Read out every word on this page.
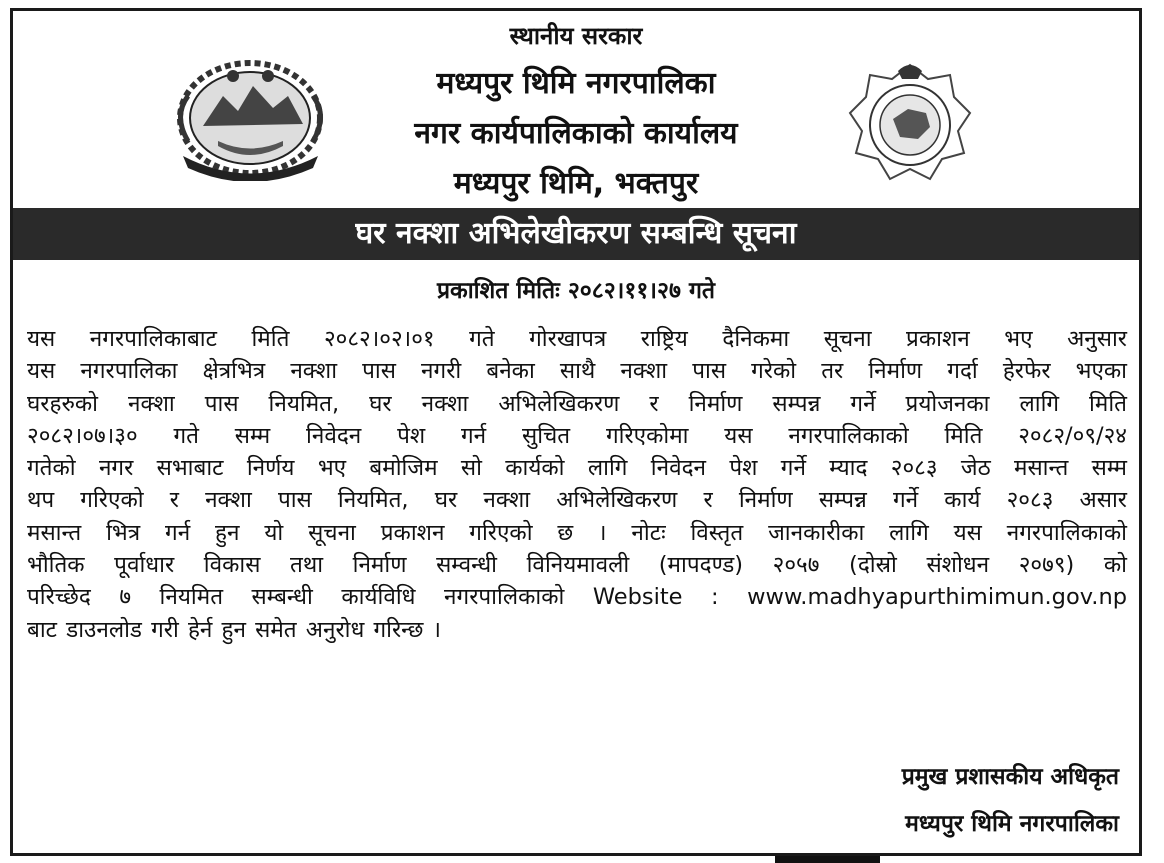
स्थानीय सरकार
मध्यपुर थिमि नगरपालिका
नगर कार्यपालिकाको कार्यालय
मध्यपुर थिमि, भक्तपुर
घर नक्शा अभिलेखीकरण सम्बन्धि सूचना
प्रकाशित मितिः २०८२।११।२७ गते
यस नगरपालिकाबाट मिति २०८२।०२।०१ गते गोरखापत्र राष्ट्रिय दैनिकमा सूचना प्रकाशन भए अनुसार
यस नगरपालिका क्षेत्रभित्र नक्शा पास नगरी बनेका साथै नक्शा पास गरेको तर निर्माण गर्दा हेरफेर भएका
घरहरुको नक्शा पास नियमित, घर नक्शा अभिलेखिकरण र निर्माण सम्पन्न गर्ने प्रयोजनका लागि मिति
२०८२।०७।३० गते सम्म निवेदन पेश गर्न सुचित गरिएकोमा यस नगरपालिकाको मिति २०८२/०९/२४
गतेको नगर सभाबाट निर्णय भए बमोजिम सो कार्यको लागि निवेदन पेश गर्ने म्याद २०८३ जेठ मसान्त सम्म
थप गरिएको र नक्शा पास नियमित, घर नक्शा अभिलेखिकरण र निर्माण सम्पन्न गर्ने कार्य २०८३ असार
मसान्त भित्र गर्न हुन यो सूचना प्रकाशन गरिएको छ । नोटः विस्तृत जानकारीका लागि यस नगरपालिकाको
भौतिक पूर्वाधार विकास तथा निर्माण सम्वन्धी विनियमावली (मापदण्ड) २०५७ (दोस्रो संशोधन २०७९) को
परिच्छेद ७ नियमित सम्बन्धी कार्यविधि नगरपालिकाको Website : www.madhyapurthimimun.gov.np
बाट डाउनलोड गरी हेर्न हुन समेत अनुरोध गरिन्छ ।
प्रमुख प्रशासकीय अधिकृत
मध्यपुर थिमि नगरपालिका
